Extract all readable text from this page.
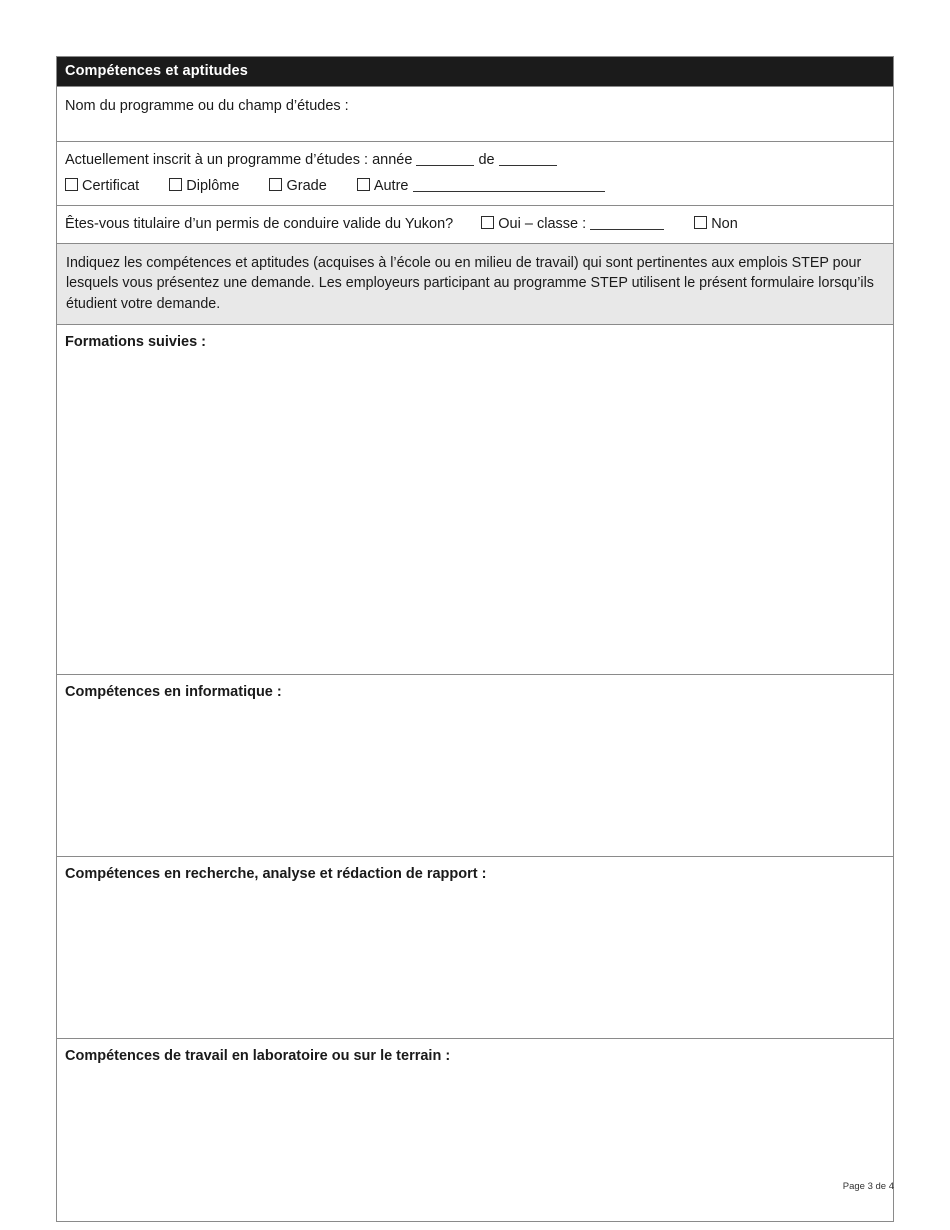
Compétences et aptitudes
Nom du programme ou du champ d’études :

Actuellement inscrit à un programme d’études : année	de
Certificat	Diplôme	Grade	Autre

Êtes-vous titulaire d’un permis de conduire valide du Yukon?	Oui – classe :	Non

Indiquez les compétences et aptitudes (acquises à l’école ou en milieu de travail) qui sont pertinentes aux emplois STEP pour lesquels vous présentez une demande. Les employeurs participant au programme STEP utilisent le présent formulaire lorsqu’ils étudient votre demande.

Formations suivies :

Compétences en informatique :

Compétences en recherche, analyse et rédaction de rapport :

Compétences de travail en laboratoire ou sur le terrain :
Page 3 de 4
